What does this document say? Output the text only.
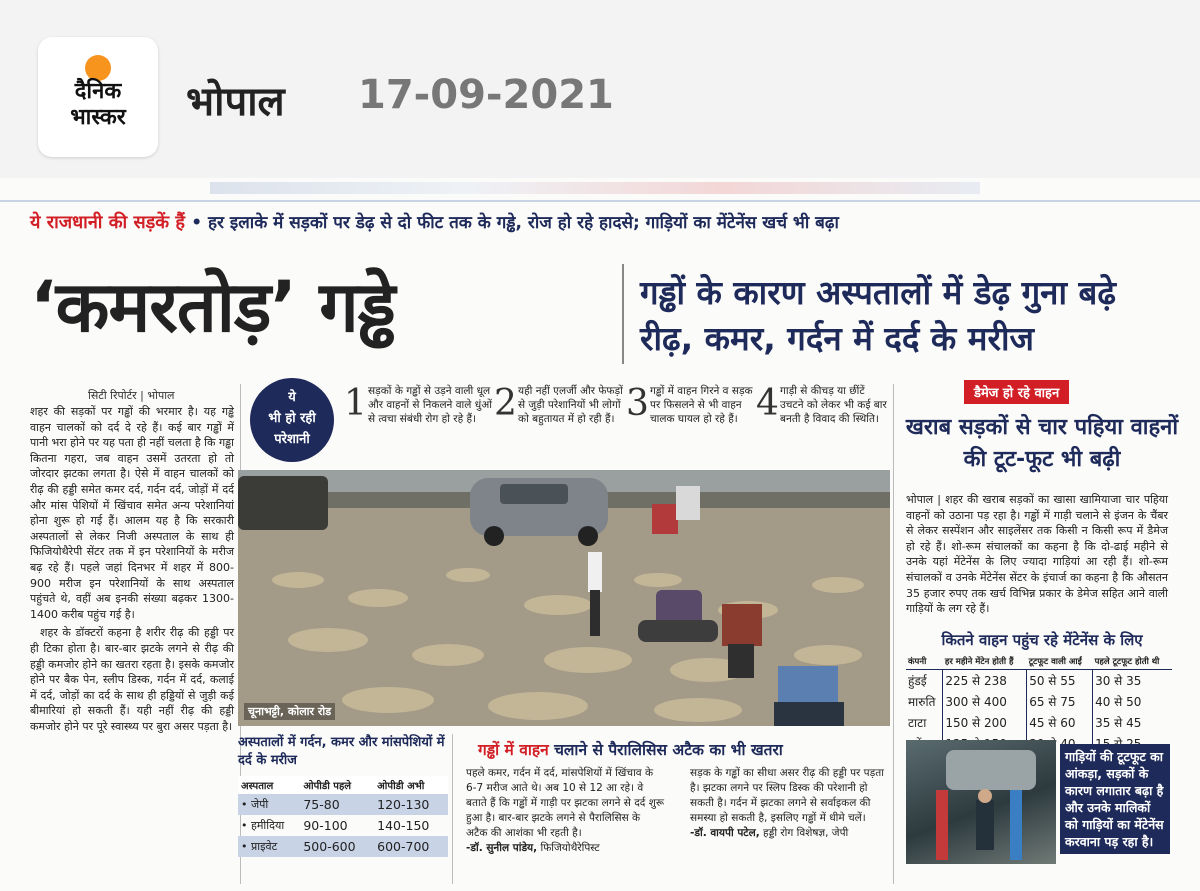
दैनिक
भास्कर	भोपाल 17-09-2021
ये राजधानी की सड़कें हैं • हर इलाके में सड़कों पर डेढ़ से दो फीट तक के गड्ढे, रोज हो रहे हादसे; गाड़ियों का मेंटेनेंस खर्च भी बढ़ा
‘कमरतोड़’ गड्ढे	गड्ढों के कारण अस्पतालों में डेढ़ गुना बढ़े रीढ़, कमर, गर्दन में दर्द के मरीज
सिटी रिपोर्टर | भोपाल

शहर की सड़कों पर गड्ढों की भरमार है। यह गड्ढे वाहन चालकों को दर्द दे रहे हैं। कई बार गड्ढों में पानी भरा होने पर यह पता ही नहीं चलता है कि गड्ढा कितना गहरा, जब वाहन उसमें उतरता हो तो जोरदार झटका लगता है। ऐसे में वाहन चालकों को रीढ़ की हड्डी समेत कमर दर्द, गर्दन दर्द, जोड़ों में दर्द और मांस पेशियों में खिंचाव समेत अन्य परेशानियां होना शुरू हो गई हैं। आलम यह है कि सरकारी अस्पतालों से लेकर निजी अस्पताल के साथ ही फिजियोथैरेपी सेंटर तक में इन परेशानियों के मरीज बढ़ रहे हैं। पहले जहां दिनभर में शहर में 800-900 मरीज इन परेशानियों के साथ अस्पताल पहुंचते थे, वहीं अब इनकी संख्या बढ़कर 1300-1400 करीब पहुंच गई है।

शहर के डॉक्टरों कहना है शरीर रीढ़ की हड्डी पर ही टिका होता है। बार-बार झटके लगने से रीढ़ की हड्डी कमजोर होने का खतरा रहता है। इसके कमजोर होने पर बैक पेन, स्लीप डिस्क, गर्दन में दर्द, कलाई में दर्द, जोड़ों का दर्द के साथ ही हड्डियों से जुड़ी कई बीमारियां हो सकती हैं। यही नहीं रीढ़ की हड्डी कमजोर होने पर पूरे स्वास्थ्य पर बुरा असर पड़ता है।

ये
भी हो रही
परेशानी
1 सड़कों के गड्ढों से उड़ने वाली धूल और वाहनों से निकलने वाले धुंओं से त्वचा संबंधी रोग हो रहे हैं। 2 यही नहीं एलर्जी और फेफड़ों से जुड़ी परेशानियों भी लोगों को बहुतायत में हो रही हैं। 3 गड्ढों में वाहन गिरने व सड़क पर फिसलने से भी वाहन चालक घायल हो रहे हैं। 4 गाड़ी से कीचड़ या छींटें उचटने को लेकर भी कई बार बनती है विवाद की स्थिति।
चूनाभट्टी, कोलार रोड
डैमेज हो रहे वाहन
खराब सड़कों से चार पहिया वाहनों की टूट-फूट भी बढ़ी
भोपाल | शहर की खराब सड़कों का खासा खामियाजा चार पहिया वाहनों को उठाना पड़ रहा है। गड्ढों में गाड़ी चलाने से इंजन के चैंबर से लेकर सस्पेंशन और साइलेंसर तक किसी न किसी रूप में डैमेज हो रहे हैं। शो-रूम संचालकों का कहना है कि दो-ढाई महीने से उनके यहां मेंटेनेंस के लिए ज्यादा गाड़ियां आ रही हैं। शो-रूम संचालकों व उनके मेंटेनेंस सेंटर के इंचार्ज का कहना है कि औसतन 35 हजार रुपए तक खर्च विभिन्न प्रकार के डेमेज सहित आने वाली गाड़ियों के लग रहे हैं।
कितने वाहन पहुंच रहे मेंटेनेंस के लिए
कंपनी	हर महीने मेंटेन होती हैं	टूटफूट वाली आईं	पहले टूटफूट होती थी
हुंडई	225 से 238	50 से 55	30 से 35
मारुति	300 से 400	65 से 75	40 से 50
टाटा	150 से 200	45 से 60	35 से 45

गाड़ियों की टूटफूट का आंकड़ा, सड़कों के कारण लगातार बढ़ा है और उनके मालिकों को गाड़ियों का मेंटेनेंस करवाना पड़ रहा है।
अस्पतालों में गर्दन, कमर और मांसपेशियों में दर्द के मरीज
अस्पताल	ओपीडी पहले	ओपीडी अभी
• जेपी	75-80	120-130
• हमीदिया	90-100	140-150
• प्राइवेट	500-600	600-700
गड्ढों में वाहन चलाने से पैरालिसिस अटैक का भी खतरा
पहले कमर, गर्दन में दर्द, मांसपेशियों में खिंचाव के 6-7 मरीज आते थे। अब 10 से 12 आ रहे। वे बताते हैं कि गड्ढों में गाड़ी पर झटका लगने से दर्द शुरू हुआ है। बार-बार झटके लगने से पैरालिसिस के अटैक की आशंका भी रहती है।
-डॉ. सुनील पांडेय, फिजियोथैरेपिस्ट
सड़क के गड्ढों का सीधा असर रीढ़ की हड्डी पर पड़ता है। झटका लगने पर स्लिप डिस्क की परेशानी हो सकती है। गर्दन में झटका लगने से सर्वाइकल की समस्या हो सकती है, इसलिए गड्ढों में धीमे चलें।
-डॉ. वायपी पटेल, हड्डी रोग विशेषज्ञ, जेपी
